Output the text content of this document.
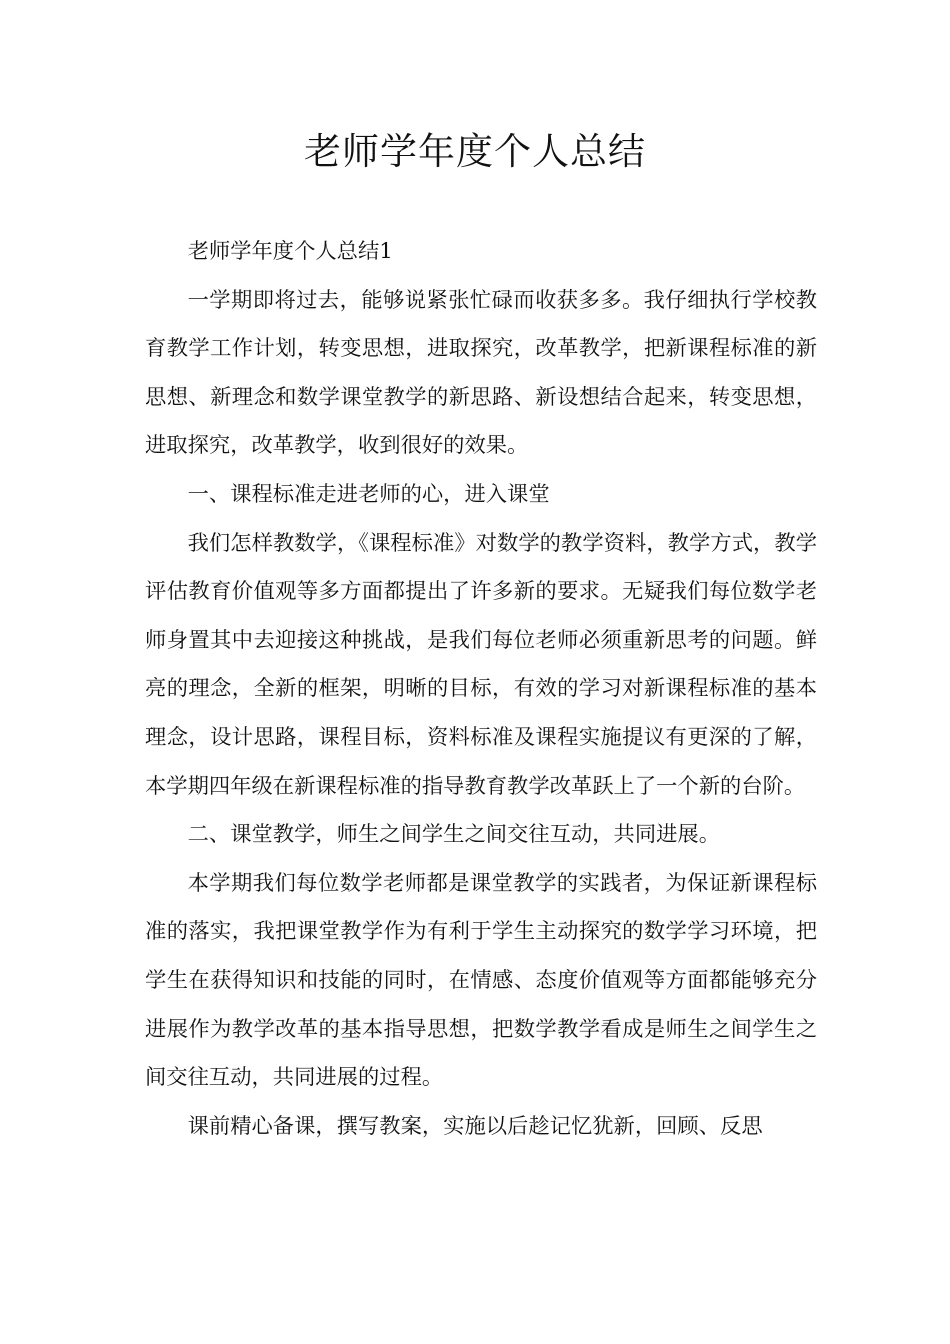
老师学年度个人总结

老师学年度个人总结1

一学期即将过去，能够说紧张忙碌而收获多多。我仔细执行学校教育教学工作计划，转变思想，进取探究，改革教学，把新课程标准的新思想、新理念和数学课堂教学的新思路、新设想结合起来，转变思想，进取探究，改革教学，收到很好的效果。

一、课程标准走进老师的心，进入课堂

我们怎样教数学，《课程标准》对数学的教学资料，教学方式，教学评估教育价值观等多方面都提出了许多新的要求。无疑我们每位数学老师身置其中去迎接这种挑战，是我们每位老师必须重新思考的问题。鲜亮的理念，全新的框架，明晰的目标，有效的学习对新课程标准的基本理念，设计思路，课程目标，资料标准及课程实施提议有更深的了解，本学期四年级在新课程标准的指导教育教学改革跃上了一个新的台阶。

二、课堂教学，师生之间学生之间交往互动，共同进展。

本学期我们每位数学老师都是课堂教学的实践者，为保证新课程标准的落实，我把课堂教学作为有利于学生主动探究的数学学习环境，把学生在获得知识和技能的同时，在情感、态度价值观等方面都能够充分进展作为教学改革的基本指导思想，把数学教学看成是师生之间学生之间交往互动，共同进展的过程。

课前精心备课，撰写教案，实施以后趁记忆犹新，回顾、反思
